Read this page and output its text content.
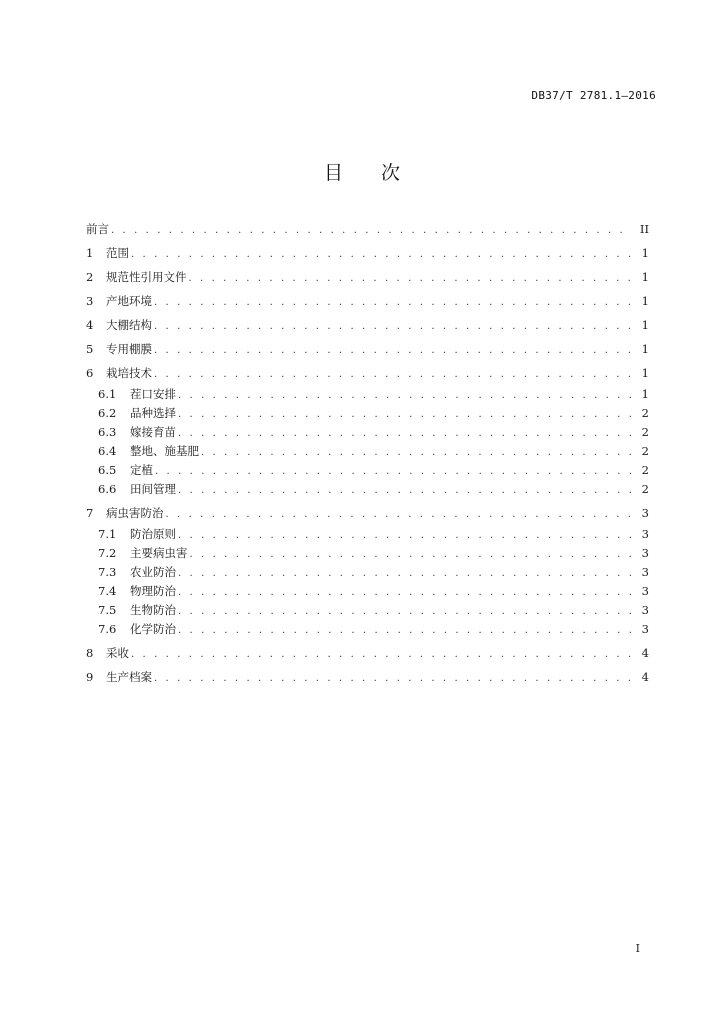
DB37/T 2781.1—2016
目 次
前言 . . .	II
1	范围 . . .	1
2	规范性引用文件 . . .	1
3	产地环境 . . .	1
4	大棚结构 . . .	1
5	专用棚膜 . . .	1
6	栽培技术 . . .	1
6.1	茬口安排 . . .	1
6.2	品种选择 . . .	2
6.3	嫁接育苗 . . .	2
6.4	整地、施基肥 . . .	2
6.5	定植 . . .	2
6.6	田间管理 . . .	2
7	病虫害防治 . . .	3
7.1	防治原则 . . .	3
7.2	主要病虫害 . . .	3
7.3	农业防治 . . .	3
7.4	物理防治 . . .	3
7.5	生物防治 . . .	3
7.6	化学防治 . . .	3
8	采收 . . .	4
9	生产档案 . . .	4
I
